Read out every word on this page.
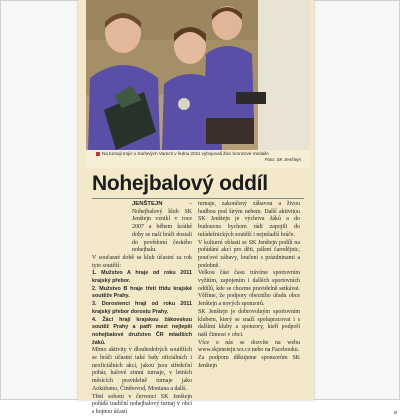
Na turnaji trojic v Karlových Varech v lednu 2011 vybojovali žáci bronzové medaile
Foto: SK Jenštejn
Nohejbalový oddíl

JENŠTEJN	– Nohejbalový klub SK Jenštejn vznikl v roce 2007 a během krátké doby se naši hráči dostali do povědomí českého nohejbalu.

V současné době se klub účastní za rok tyto soutěží:

1. Mužstvo A hraje od roku 2011 krajský přebor.

2. Mužstvo B hraje třetí třídu krajské soutěže Prahy.

3. Dorostenci hrají od roku 2011 krajský přebor dorostu Prahy.

4. Žáci hrají krajskou žákovskou soutěž Prahy a patří mezi nejlepší nohejbalové družstvo ČR mladších žáků.

Mimo aktivity v dlouhodobých soutěžích se hráči účastní také řady oficiálních i neoficiálních akcí, jakou jsou středeční pohár, halové zimní turnaje, v letních měsících pravidelně turnaje jako Aokidomo, Čimbovod, Montana a další.

Třetí sobotu v červenci SK Jenštejn pořádá tradiční nohejbalový turnaj v obci s hojnou účastí

turnaje, zakončený zábavou a živou hudbou pod širým nebem. Další aktivitou SK Jenštejn je výchova žáků a do budoucna bychom rádi zapojili do mládežnických soutěží i nejmladší hráče.

V kulturní oblasti se SK Jenštejn podílí na pořádání akcí pro děti, pálení čarodějnic, pouťové zábavy, loučení s prázdninami a podobně.

Velkou část času trávíme sportovním vyžitím, zapojením i dalších sportovních oddílů, kde se chceme pravidelně setkávat. Věříme, že podpory obecního úřadu obce Jenštejn a nových sponzorů.

SK Jenštejn je dobrovolným sportovním klubem, který se snaží spolupracovat i s dalšími kluby a sponzory, kteří podpoří naši činnost v obci.

Více o nás se dozvíte na webu www.skjenstejn.wz.cz nebo na Facebooku.

Za podporu děkujeme sponzorům SK Jenštejn
